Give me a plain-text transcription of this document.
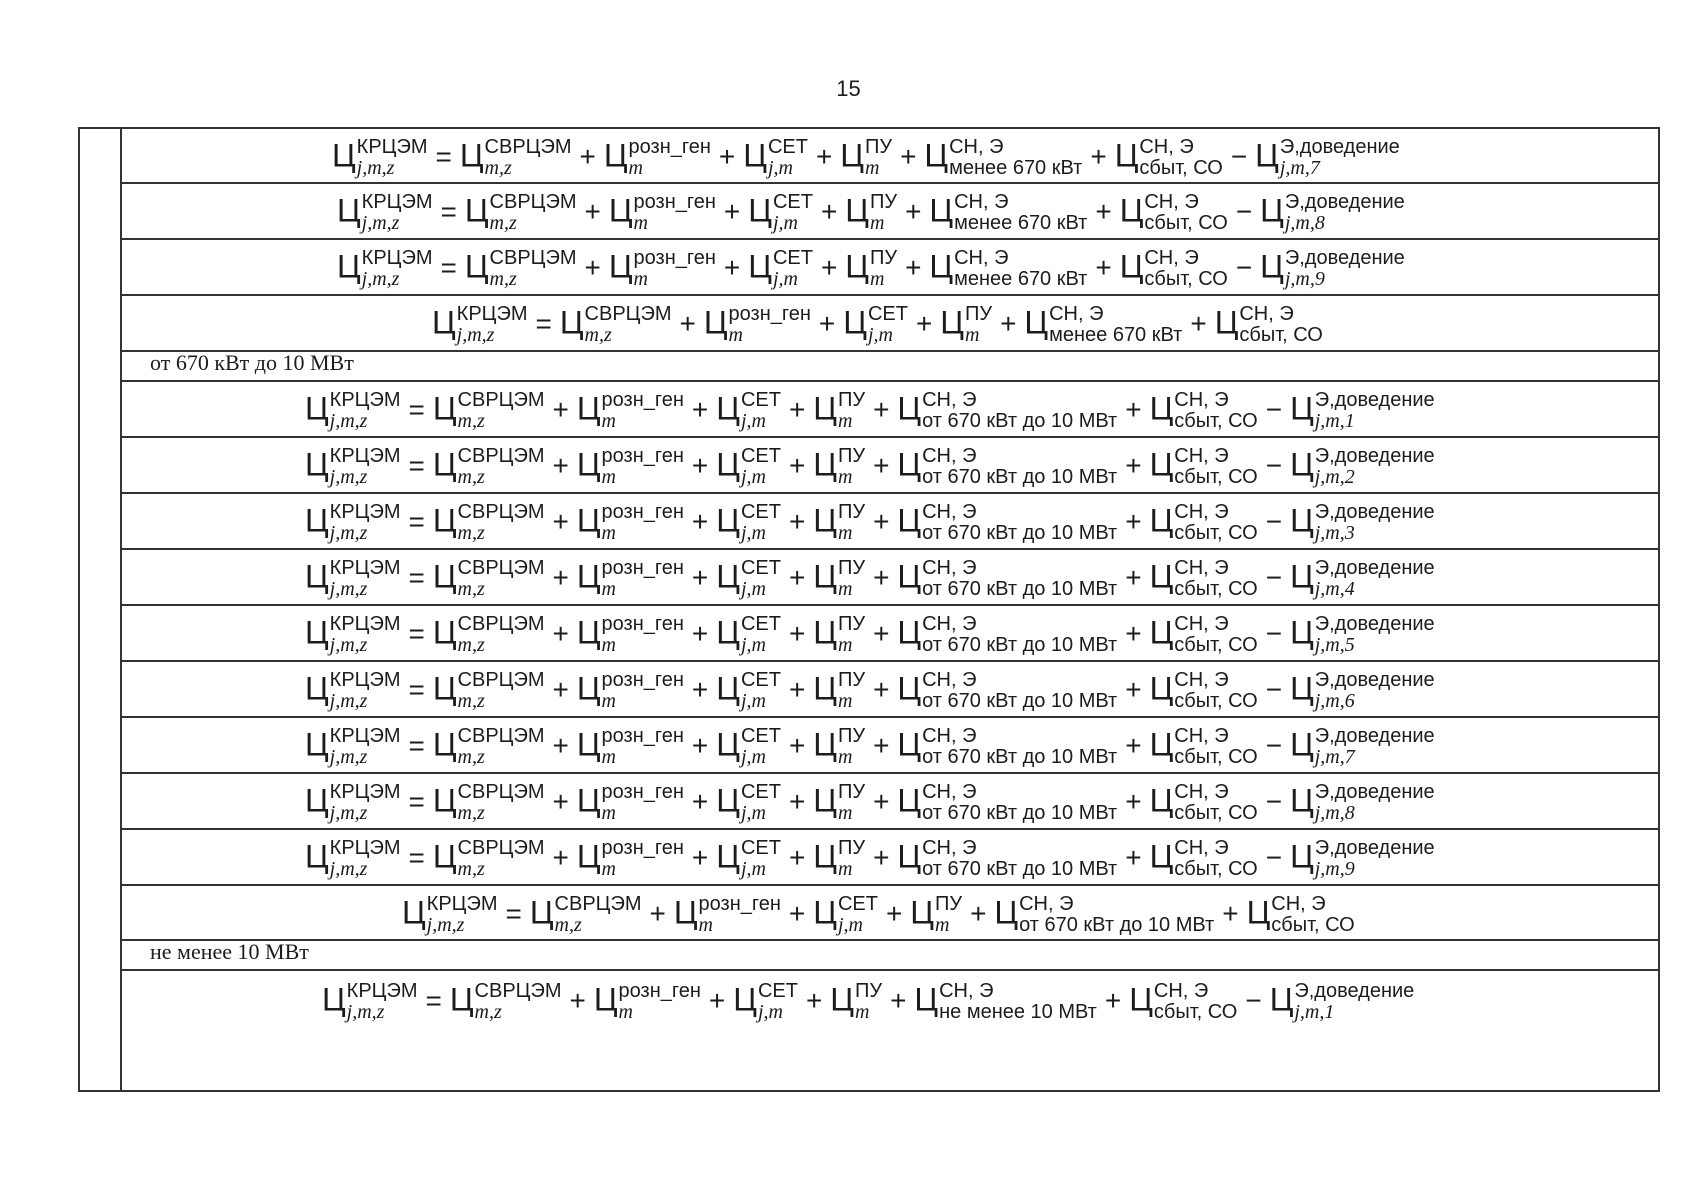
15
Ц КРЦЭМ
j,m,z	= Ц СВРЦЭМ
m,z	+ Ц розн_ген
m	+ Ц СЕТ
j,m + Ц ПУ
m + Ц СН, Э
менее 670 кВт + Ц СН, Э
сбыт, СО − Ц Э,доведение
j,m,7
Ц КРЦЭМ
j,m,z	= Ц СВРЦЭМ
m,z	+ Ц розн_ген
m	+ Ц СЕТ
j,m + Ц ПУ
m + Ц СН, Э
менее 670 кВт + Ц СН, Э
сбыт, СО − Ц Э,доведение
j,m,8
Ц КРЦЭМ
j,m,z	= Ц СВРЦЭМ
m,z	+ Ц розн_ген
m	+ Ц СЕТ
j,m + Ц ПУ
m + Ц СН, Э
менее 670 кВт + Ц СН, Э
сбыт, СО − Ц Э,доведение
j,m,9
Ц КРЦЭМ
j,m,z	= Ц СВРЦЭМ
m,z	+ Ц розн_ген
m	+ Ц СЕТ
j,m + Ц ПУ
m + Ц СН, Э
менее 670 кВт + Ц СН, Э
сбыт, СО
от 670 кВт до 10 МВт
Ц КРЦЭМ
j,m,z	= Ц СВРЦЭМ
m,z	+ Ц розн_ген
m	+ Ц СЕТ
j,m + Ц ПУ
m + Ц СН, Э
от 670 кВт до 10 МВт + Ц СН, Э
сбыт, СО − Ц Э,доведение
j,m,1
Ц КРЦЭМ
j,m,z	= Ц СВРЦЭМ
m,z	+ Ц розн_ген
m	+ Ц СЕТ
j,m + Ц ПУ
m + Ц СН, Э
от 670 кВт до 10 МВт + Ц СН, Э
сбыт, СО − Ц Э,доведение
j,m,2
Ц КРЦЭМ
j,m,z	= Ц СВРЦЭМ
m,z	+ Ц розн_ген
m	+ Ц СЕТ
j,m + Ц ПУ
m + Ц СН, Э
от 670 кВт до 10 МВт + Ц СН, Э
сбыт, СО − Ц Э,доведение
j,m,3
Ц КРЦЭМ
j,m,z	= Ц СВРЦЭМ
m,z	+ Ц розн_ген
m	+ Ц СЕТ
j,m + Ц ПУ
m + Ц СН, Э
от 670 кВт до 10 МВт + Ц СН, Э
сбыт, СО − Ц Э,доведение
j,m,4
Ц КРЦЭМ
j,m,z	= Ц СВРЦЭМ
m,z	+ Ц розн_ген
m	+ Ц СЕТ
j,m + Ц ПУ
m + Ц СН, Э
от 670 кВт до 10 МВт + Ц СН, Э
сбыт, СО − Ц Э,доведение
j,m,5
Ц КРЦЭМ
j,m,z	= Ц СВРЦЭМ
m,z	+ Ц розн_ген
m	+ Ц СЕТ
j,m + Ц ПУ
m + Ц СН, Э
от 670 кВт до 10 МВт + Ц СН, Э
сбыт, СО − Ц Э,доведение
j,m,6
Ц КРЦЭМ
j,m,z	= Ц СВРЦЭМ
m,z	+ Ц розн_ген
m	+ Ц СЕТ
j,m + Ц ПУ
m + Ц СН, Э
от 670 кВт до 10 МВт + Ц СН, Э
сбыт, СО − Ц Э,доведение
j,m,7
Ц КРЦЭМ
j,m,z	= Ц СВРЦЭМ
m,z	+ Ц розн_ген
m	+ Ц СЕТ
j,m + Ц ПУ
m + Ц СН, Э
от 670 кВт до 10 МВт + Ц СН, Э
сбыт, СО − Ц Э,доведение
j,m,8
Ц КРЦЭМ
j,m,z	= Ц СВРЦЭМ
m,z	+ Ц розн_ген
m	+ Ц СЕТ
j,m + Ц ПУ
m + Ц СН, Э
от 670 кВт до 10 МВт + Ц СН, Э
сбыт, СО − Ц Э,доведение
j,m,9
Ц КРЦЭМ
j,m,z	= Ц СВРЦЭМ
m,z	+ Ц розн_ген
m	+ Ц СЕТ
j,m + Ц ПУ
m + Ц СН, Э
от 670 кВт до 10 МВт + Ц СН, Э
сбыт, СО
не менее 10 МВт
Ц КРЦЭМ
j,m,z	= Ц СВРЦЭМ
m,z	+ Ц розн_ген
m	+ Ц СЕТ
j,m + Ц ПУ
m + Ц СН, Э
не менее 10 МВт + Ц СН, Э
сбыт, СО − Ц Э,доведение
j,m,1
